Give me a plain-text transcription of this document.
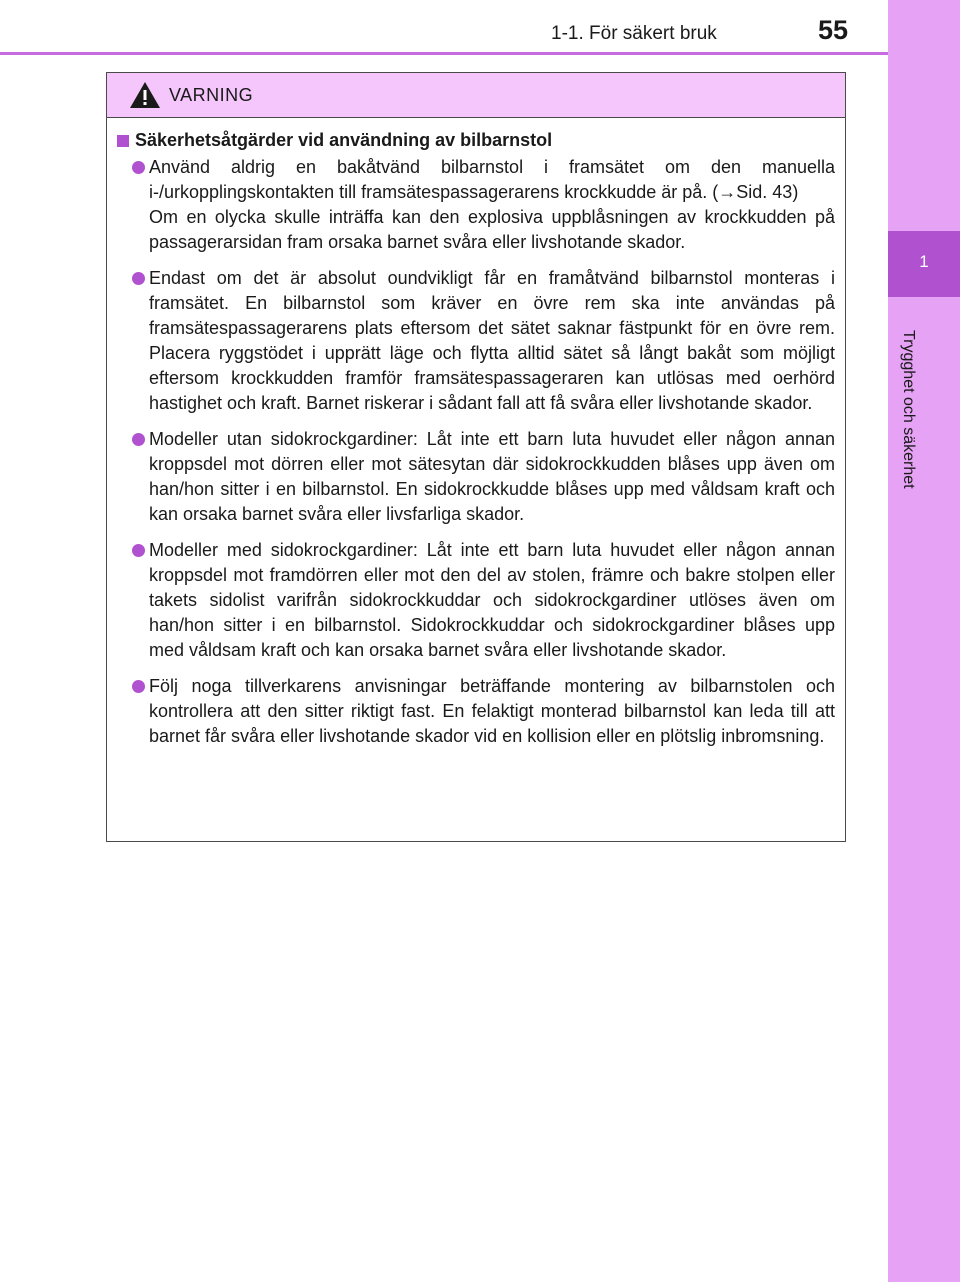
1-1. För säkert bruk	55
1
Trygghet och säkerhet
VARNING
Säkerhetsåtgärder vid användning av bilbarnstol

Använd aldrig en bakåtvänd bilbarnstol i framsätet om den manuella i-/urkopplingskontakten till framsätespassagerarens krockkudde är på. (→Sid. 43)

Om en olycka skulle inträffa kan den explosiva uppblåsningen av krockkudden på passagerarsidan fram orsaka barnet svåra eller livshotande skador.

Endast om det är absolut oundvikligt får en framåtvänd bilbarnstol monteras i framsätet. En bilbarnstol som kräver en övre rem ska inte användas på framsätespassagerarens plats eftersom det sätet saknar fästpunkt för en övre rem. Placera ryggstödet i upprätt läge och flytta alltid sätet så långt bakåt som möjligt eftersom krockkudden framför framsätespassageraren kan utlösas med oerhörd hastighet och kraft. Barnet riskerar i sådant fall att få svåra eller livshotande skador.

Modeller utan sidokrockgardiner: Låt inte ett barn luta huvudet eller någon annan kroppsdel mot dörren eller mot sätesytan där sidokrockkudden blåses upp även om han/hon sitter i en bilbarnstol. En sidokrockkudde blåses upp med våldsam kraft och kan orsaka barnet svåra eller livsfarliga skador.

Modeller med sidokrockgardiner: Låt inte ett barn luta huvudet eller någon annan kroppsdel mot framdörren eller mot den del av stolen, främre och bakre stolpen eller takets sidolist varifrån sidokrockkuddar och sidokrockgardiner utlöses även om han/hon sitter i en bilbarnstol. Sidokrockkuddar och sidokrockgardiner blåses upp med våldsam kraft och kan orsaka barnet svåra eller livshotande skador.

Följ noga tillverkarens anvisningar beträffande montering av bilbarnstolen och kontrollera att den sitter riktigt fast. En felaktigt monterad bilbarnstol kan leda till att barnet får svåra eller livshotande skador vid en kollision eller en plötslig inbromsning.
